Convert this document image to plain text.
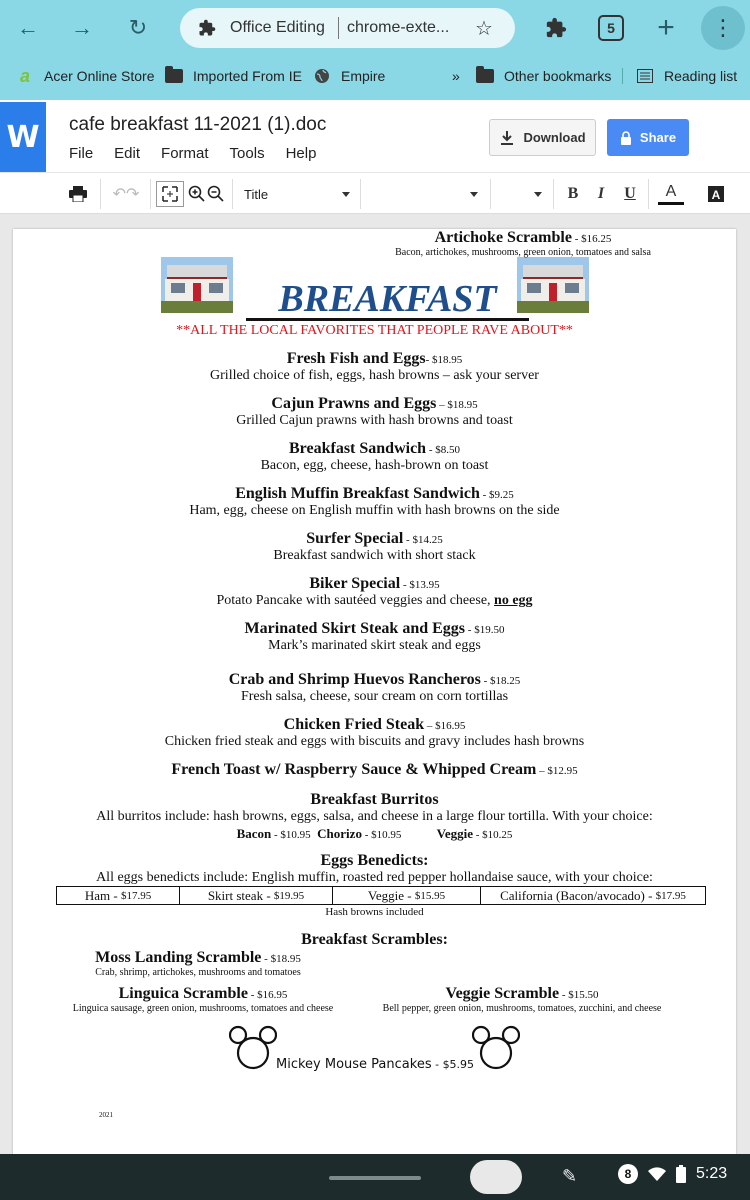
← →	↻	Office Editing	chrome-exte...	☆	5	+	⋮
a Acer Online Store	Imported From IE	Empire	»	Other bookmarks	Reading list
W	cafe breakfast 11-2021 (1).doc
File Edit Format Tools Help
Download	Share
↶↷	Title	B	I	U	A	A
BREAKFAST
**ALL THE LOCAL FAVORITES THAT PEOPLE RAVE ABOUT**
Fresh Fish and Eggs- $18.95
Grilled choice of fish, eggs, hash browns – ask your server
Cajun Prawns and Eggs – $18.95
Grilled Cajun prawns with hash browns and toast
Breakfast Sandwich - $8.50
Bacon, egg, cheese, hash-brown on toast
English Muffin Breakfast Sandwich - $9.25
Ham, egg, cheese on English muffin with hash browns on the side
Surfer Special - $14.25
Breakfast sandwich with short stack
Biker Special - $13.95
Potato Pancake with sautéed veggies and cheese, no egg
Marinated Skirt Steak and Eggs - $19.50
Mark’s marinated skirt steak and eggs
Crab and Shrimp Huevos Rancheros - $18.25
Fresh salsa, cheese, sour cream on corn tortillas
Chicken Fried Steak – $16.95
Chicken fried steak and eggs with biscuits and gravy includes hash browns
French Toast w/ Raspberry Sauce & Whipped Cream – $12.95
Breakfast Burritos
All burritos include: hash browns, eggs, salsa, and cheese in a large flour tortilla. With your choice:
Bacon - $10.95 Chorizo - $10.95	Veggie - $10.25
Eggs Benedicts:
All eggs benedicts include: English muffin, roasted red pepper hollandaise sauce, with your choice:
Ham - $17.95	Skirt steak - $19.95	Veggie - $15.95	California (Bacon/avocado) - $17.95
Hash browns included
Breakfast Scrambles:
Moss Landing Scramble - $18.95
Crab, shrimp, artichokes, mushrooms and tomatoes
Artichoke Scramble - $16.25
Bacon, artichokes, mushrooms, green onion, tomatoes and salsa
Linguica Scramble - $16.95
Linguica sausage, green onion, mushrooms, tomatoes and cheese
Veggie Scramble - $15.50
Bell pepper, green onion, mushrooms, tomatoes, zucchini, and cheese
Mickey Mouse Pancakes - $5.95
2021
✎	8	5:23
